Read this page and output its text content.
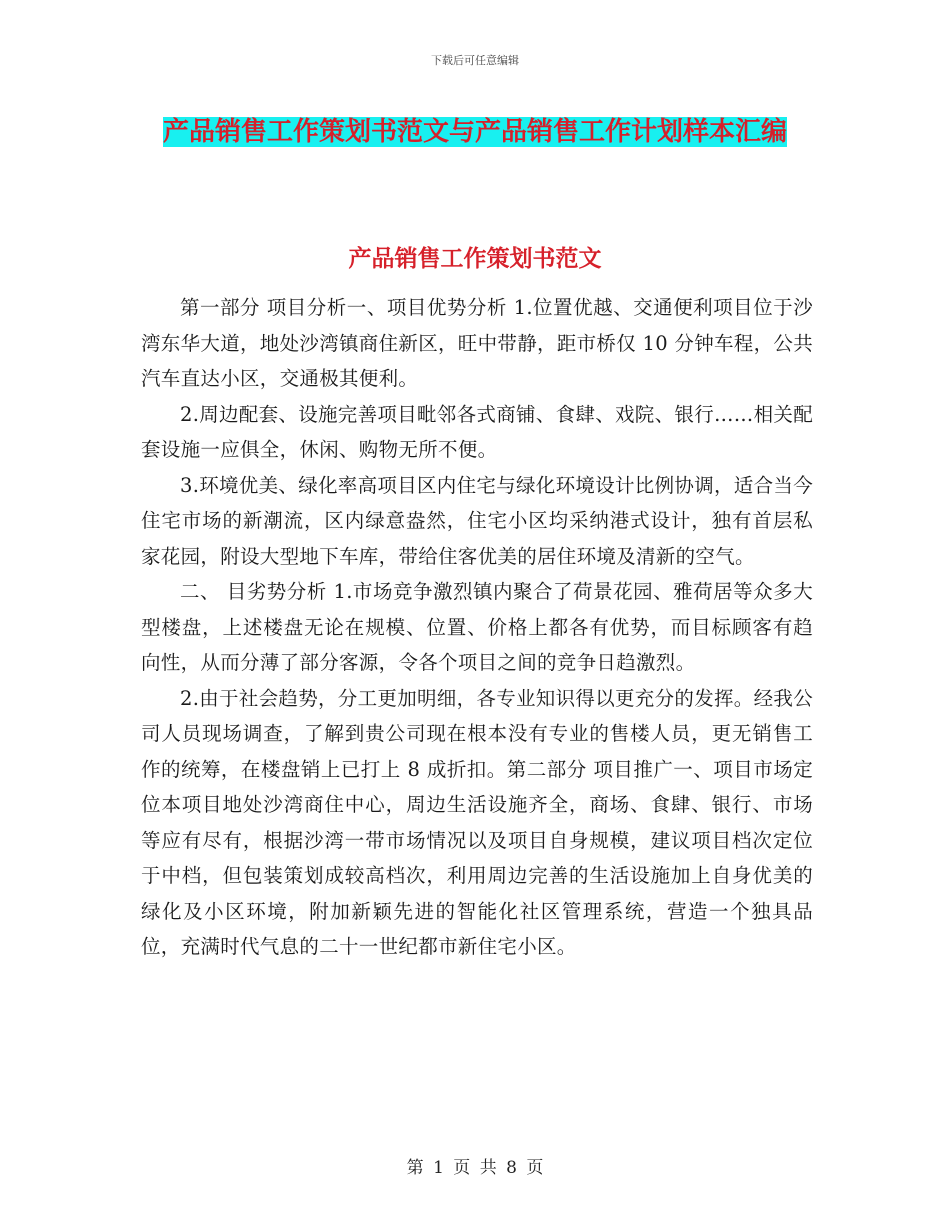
下载后可任意编辑
产品销售工作策划书范文与产品销售工作计划样本汇编
产品销售工作策划书范文

第一部分 项目分析一、项目优势分析 1.位置优越、交通便利项目位于沙湾东华大道，地处沙湾镇商住新区，旺中带静，距市桥仅 10 分钟车程，公共汽车直达小区，交通极其便利。

2.周边配套、设施完善项目毗邻各式商铺、食肆、戏院、银行……相关配套设施一应俱全，休闲、购物无所不便。

3.环境优美、绿化率高项目区内住宅与绿化环境设计比例协调，适合当今住宅市场的新潮流，区内绿意盎然，住宅小区均采纳港式设计，独有首层私家花园，附设大型地下车库，带给住客优美的居住环境及清新的空气。

二、 目劣势分析 1.市场竞争激烈镇内聚合了荷景花园、雅荷居等众多大型楼盘，上述楼盘无论在规模、位置、价格上都各有优势，而目标顾客有趋向性，从而分薄了部分客源，令各个项目之间的竞争日趋激烈。

2.由于社会趋势，分工更加明细，各专业知识得以更充分的发挥。经我公司人员现场调查，了解到贵公司现在根本没有专业的售楼人员，更无销售工作的统筹，在楼盘销上已打上 8 成折扣。第二部分 项目推广一、项目市场定位本项目地处沙湾商住中心，周边生活设施齐全，商场、食肆、银行、市场等应有尽有，根据沙湾一带市场情况以及项目自身规模，建议项目档次定位于中档，但包装策划成较高档次，利用周边完善的生活设施加上自身优美的绿化及小区环境，附加新颖先进的智能化社区管理系统，营造一个独具品位，充满时代气息的二十一世纪都市新住宅小区。

第 1 页 共 8 页
